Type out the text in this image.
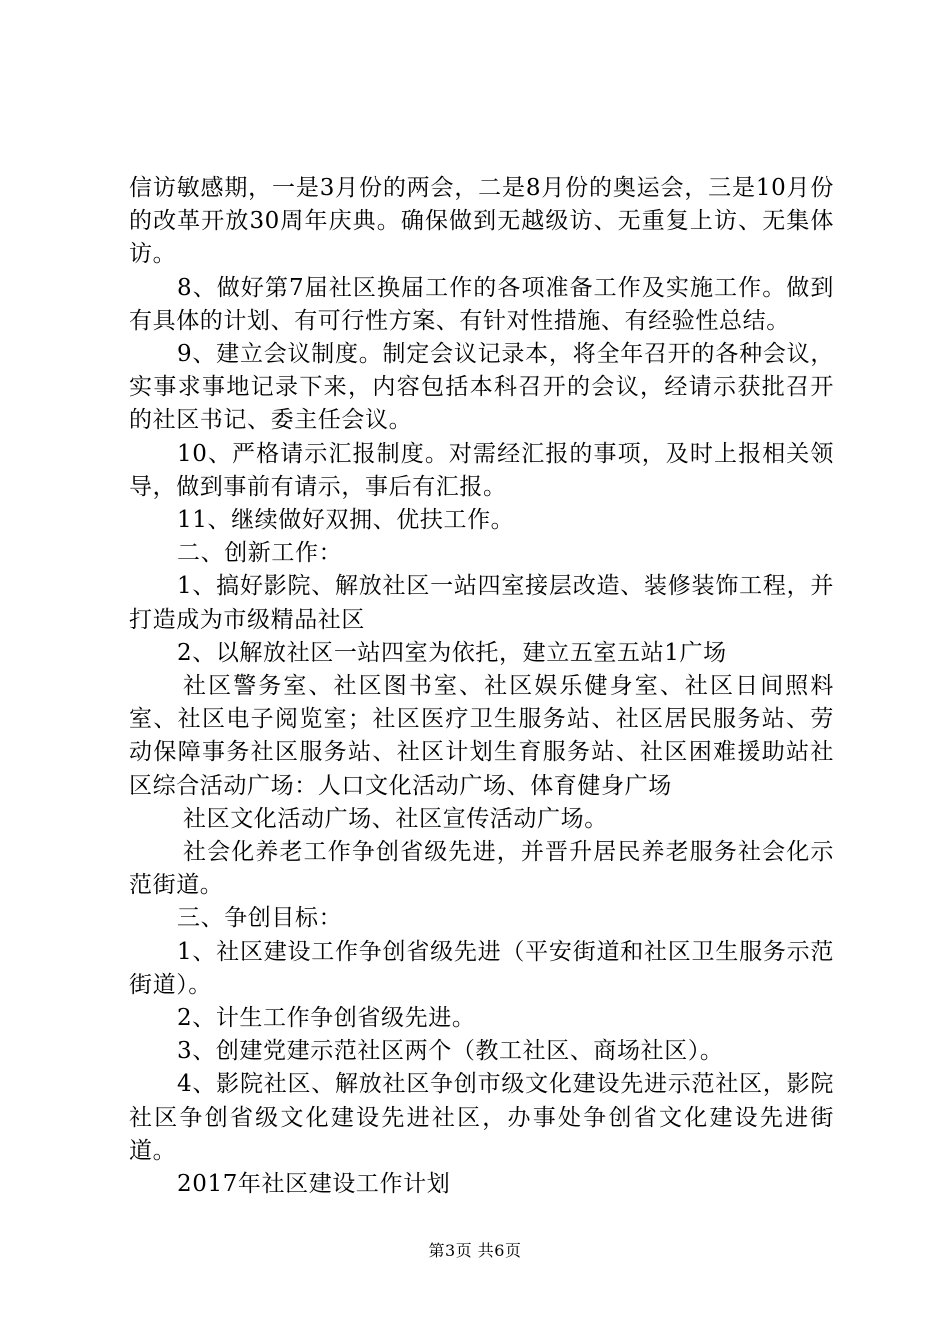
信访敏感期，一是3月份的两会，二是8月份的奥运会，三是10月份的改革开放30周年庆典。确保做到无越级访、无重复上访、无集体访。

8、做好第7届社区换届工作的各项准备工作及实施工作。做到有具体的计划、有可行性方案、有针对性措施、有经验性总结。

9、建立会议制度。制定会议记录本，将全年召开的各种会议，实事求事地记录下来，内容包括本科召开的会议，经请示获批召开的社区书记、委主任会议。

10、严格请示汇报制度。对需经汇报的事项，及时上报相关领导，做到事前有请示，事后有汇报。

11、继续做好双拥、优扶工作。

二、创新工作：

1、搞好影院、解放社区一站四室接层改造、装修装饰工程，并打造成为市级精品社区

2、以解放社区一站四室为依托，建立五室五站1广场

社区警务室、社区图书室、社区娱乐健身室、社区日间照料室、社区电子阅览室；社区医疗卫生服务站、社区居民服务站、劳动保障事务社区服务站、社区计划生育服务站、社区困难援助站社区综合活动广场：人口文化活动广场、体育健身广场

社区文化活动广场、社区宣传活动广场。

社会化养老工作争创省级先进，并晋升居民养老服务社会化示范街道。

三、争创目标：

1、社区建设工作争创省级先进（平安街道和社区卫生服务示范街道）。

2、计生工作争创省级先进。

3、创建党建示范社区两个（教工社区、商场社区）。

4、影院社区、解放社区争创市级文化建设先进示范社区，影院社区争创省级文化建设先进社区，办事处争创省文化建设先进街道。

2017年社区建设工作计划

第3页 共6页
